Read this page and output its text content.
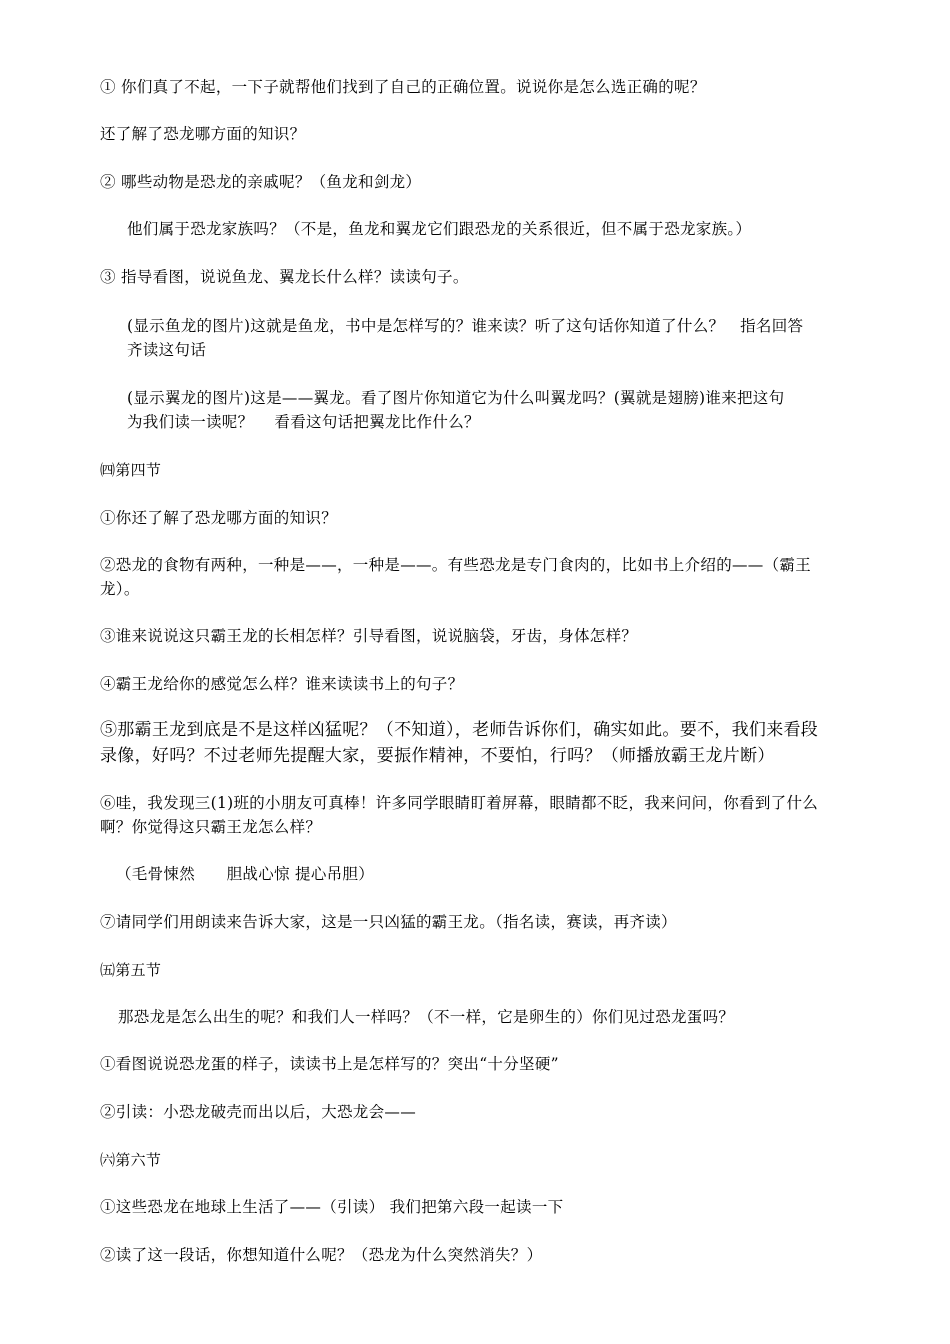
① 你们真了不起，一下子就帮他们找到了自己的正确位置。说说你是怎么选正确的呢？
还了解了恐龙哪方面的知识？
② 哪些动物是恐龙的亲戚呢？（鱼龙和剑龙）
他们属于恐龙家族吗？（不是，鱼龙和翼龙它们跟恐龙的关系很近，但不属于恐龙家族。）
③ 指导看图，说说鱼龙、翼龙长什么样？读读句子。
(显示鱼龙的图片)这就是鱼龙，书中是怎样写的？谁来读？听了这句话你知道了什么？　指名回答
齐读这句话
(显示翼龙的图片)这是——翼龙。看了图片你知道它为什么叫翼龙吗？(翼就是翅膀)谁来把这句
为我们读一读呢？　 看看这句话把翼龙比作什么？
㈣第四节
①你还了解了恐龙哪方面的知识？
②恐龙的食物有两种，一种是——，一种是——。有些恐龙是专门食肉的，比如书上介绍的——（霸王
龙）。
③谁来说说这只霸王龙的长相怎样？引导看图，说说脑袋，牙齿，身体怎样？
④霸王龙给你的感觉怎么样？谁来读读书上的句子？
⑤那霸王龙到底是不是这样凶猛呢？（不知道），老师告诉你们，确实如此。要不，我们来看段
录像，好吗？不过老师先提醒大家，要振作精神，不要怕，行吗？（师播放霸王龙片断）
⑥哇，我发现三(1)班的小朋友可真棒！许多同学眼睛盯着屏幕，眼睛都不眨，我来问问，你看到了什么
啊？你觉得这只霸王龙怎么样？
（毛骨悚然　　胆战心惊 提心吊胆）
⑦请同学们用朗读来告诉大家，这是一只凶猛的霸王龙。（指名读，赛读，再齐读）
㈤第五节
那恐龙是怎么出生的呢？和我们人一样吗？（不一样，它是卵生的）你们见过恐龙蛋吗？
①看图说说恐龙蛋的样子，读读书上是怎样写的？突出“十分坚硬”
②引读：小恐龙破壳而出以后，大恐龙会——
㈥第六节
①这些恐龙在地球上生活了——（引读） 我们把第六段一起读一下
②读了这一段话，你想知道什么呢？（恐龙为什么突然消失？）
